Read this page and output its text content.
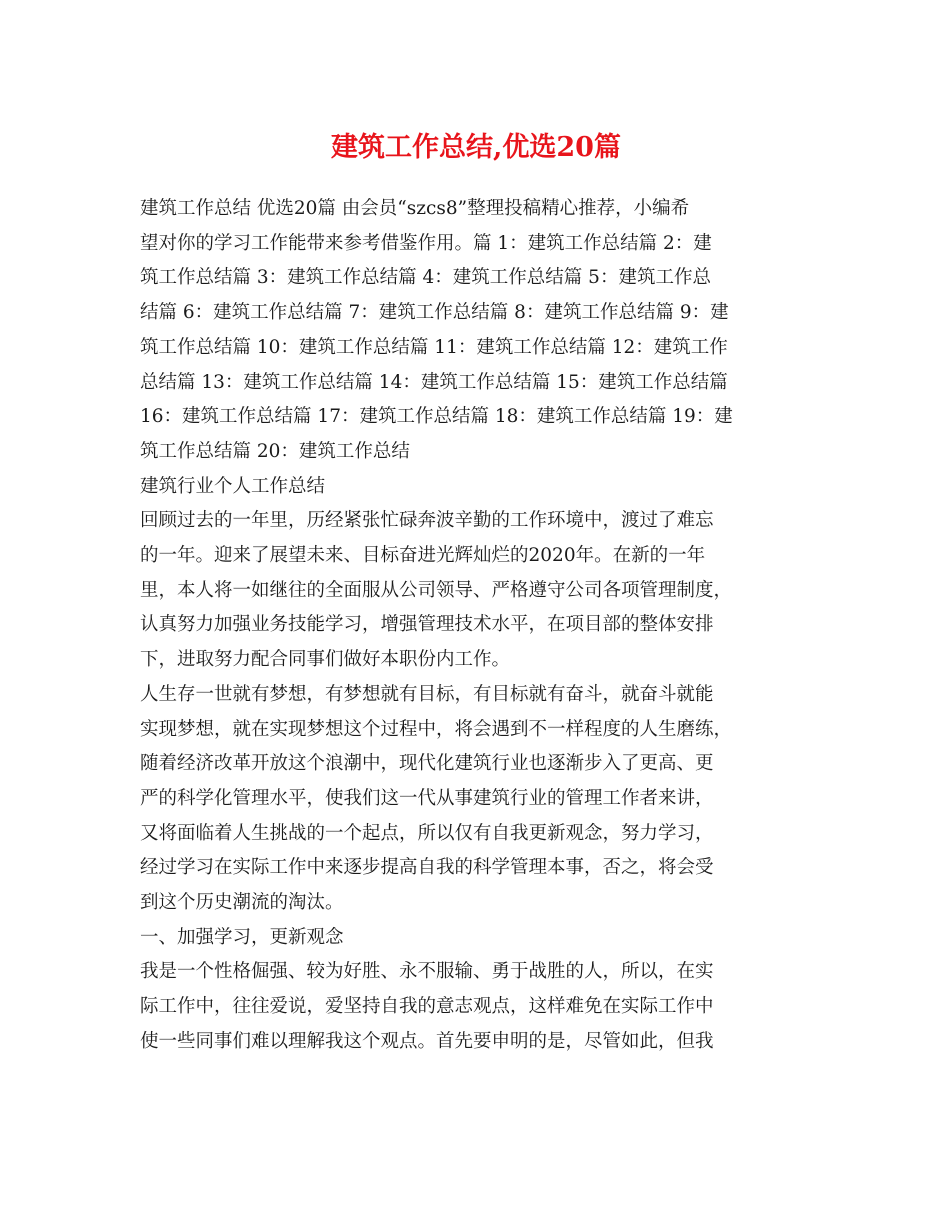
建筑工作总结,优选20篇
建筑工作总结 优选20篇 由会员“szcs8”整理投稿精心推荐，小编希
望对你的学习工作能带来参考借鉴作用。篇 1：建筑工作总结篇 2：建
筑工作总结篇 3：建筑工作总结篇 4：建筑工作总结篇 5：建筑工作总
结篇 6：建筑工作总结篇 7：建筑工作总结篇 8：建筑工作总结篇 9：建
筑工作总结篇 10：建筑工作总结篇 11：建筑工作总结篇 12：建筑工作
总结篇 13：建筑工作总结篇 14：建筑工作总结篇 15：建筑工作总结篇
16：建筑工作总结篇 17：建筑工作总结篇 18：建筑工作总结篇 19：建
筑工作总结篇 20：建筑工作总结
建筑行业个人工作总结
回顾过去的一年里，历经紧张忙碌奔波辛勤的工作环境中，渡过了难忘
的一年。迎来了展望未来、目标奋进光辉灿烂的2020年。在新的一年
里，本人将一如继往的全面服从公司领导、严格遵守公司各项管理制度，
认真努力加强业务技能学习，增强管理技术水平，在项目部的整体安排
下，进取努力配合同事们做好本职份内工作。
人生存一世就有梦想，有梦想就有目标，有目标就有奋斗，就奋斗就能
实现梦想，就在实现梦想这个过程中，将会遇到不一样程度的人生磨练，
随着经济改革开放这个浪潮中，现代化建筑行业也逐渐步入了更高、更
严的科学化管理水平，使我们这一代从事建筑行业的管理工作者来讲，
又将面临着人生挑战的一个起点，所以仅有自我更新观念，努力学习，
经过学习在实际工作中来逐步提高自我的科学管理本事，否之，将会受
到这个历史潮流的淘汰。
一、加强学习，更新观念
我是一个性格倔强、较为好胜、永不服输、勇于战胜的人，所以，在实
际工作中，往往爱说，爱坚持自我的意志观点，这样难免在实际工作中
使一些同事们难以理解我这个观点。首先要申明的是，尽管如此，但我
